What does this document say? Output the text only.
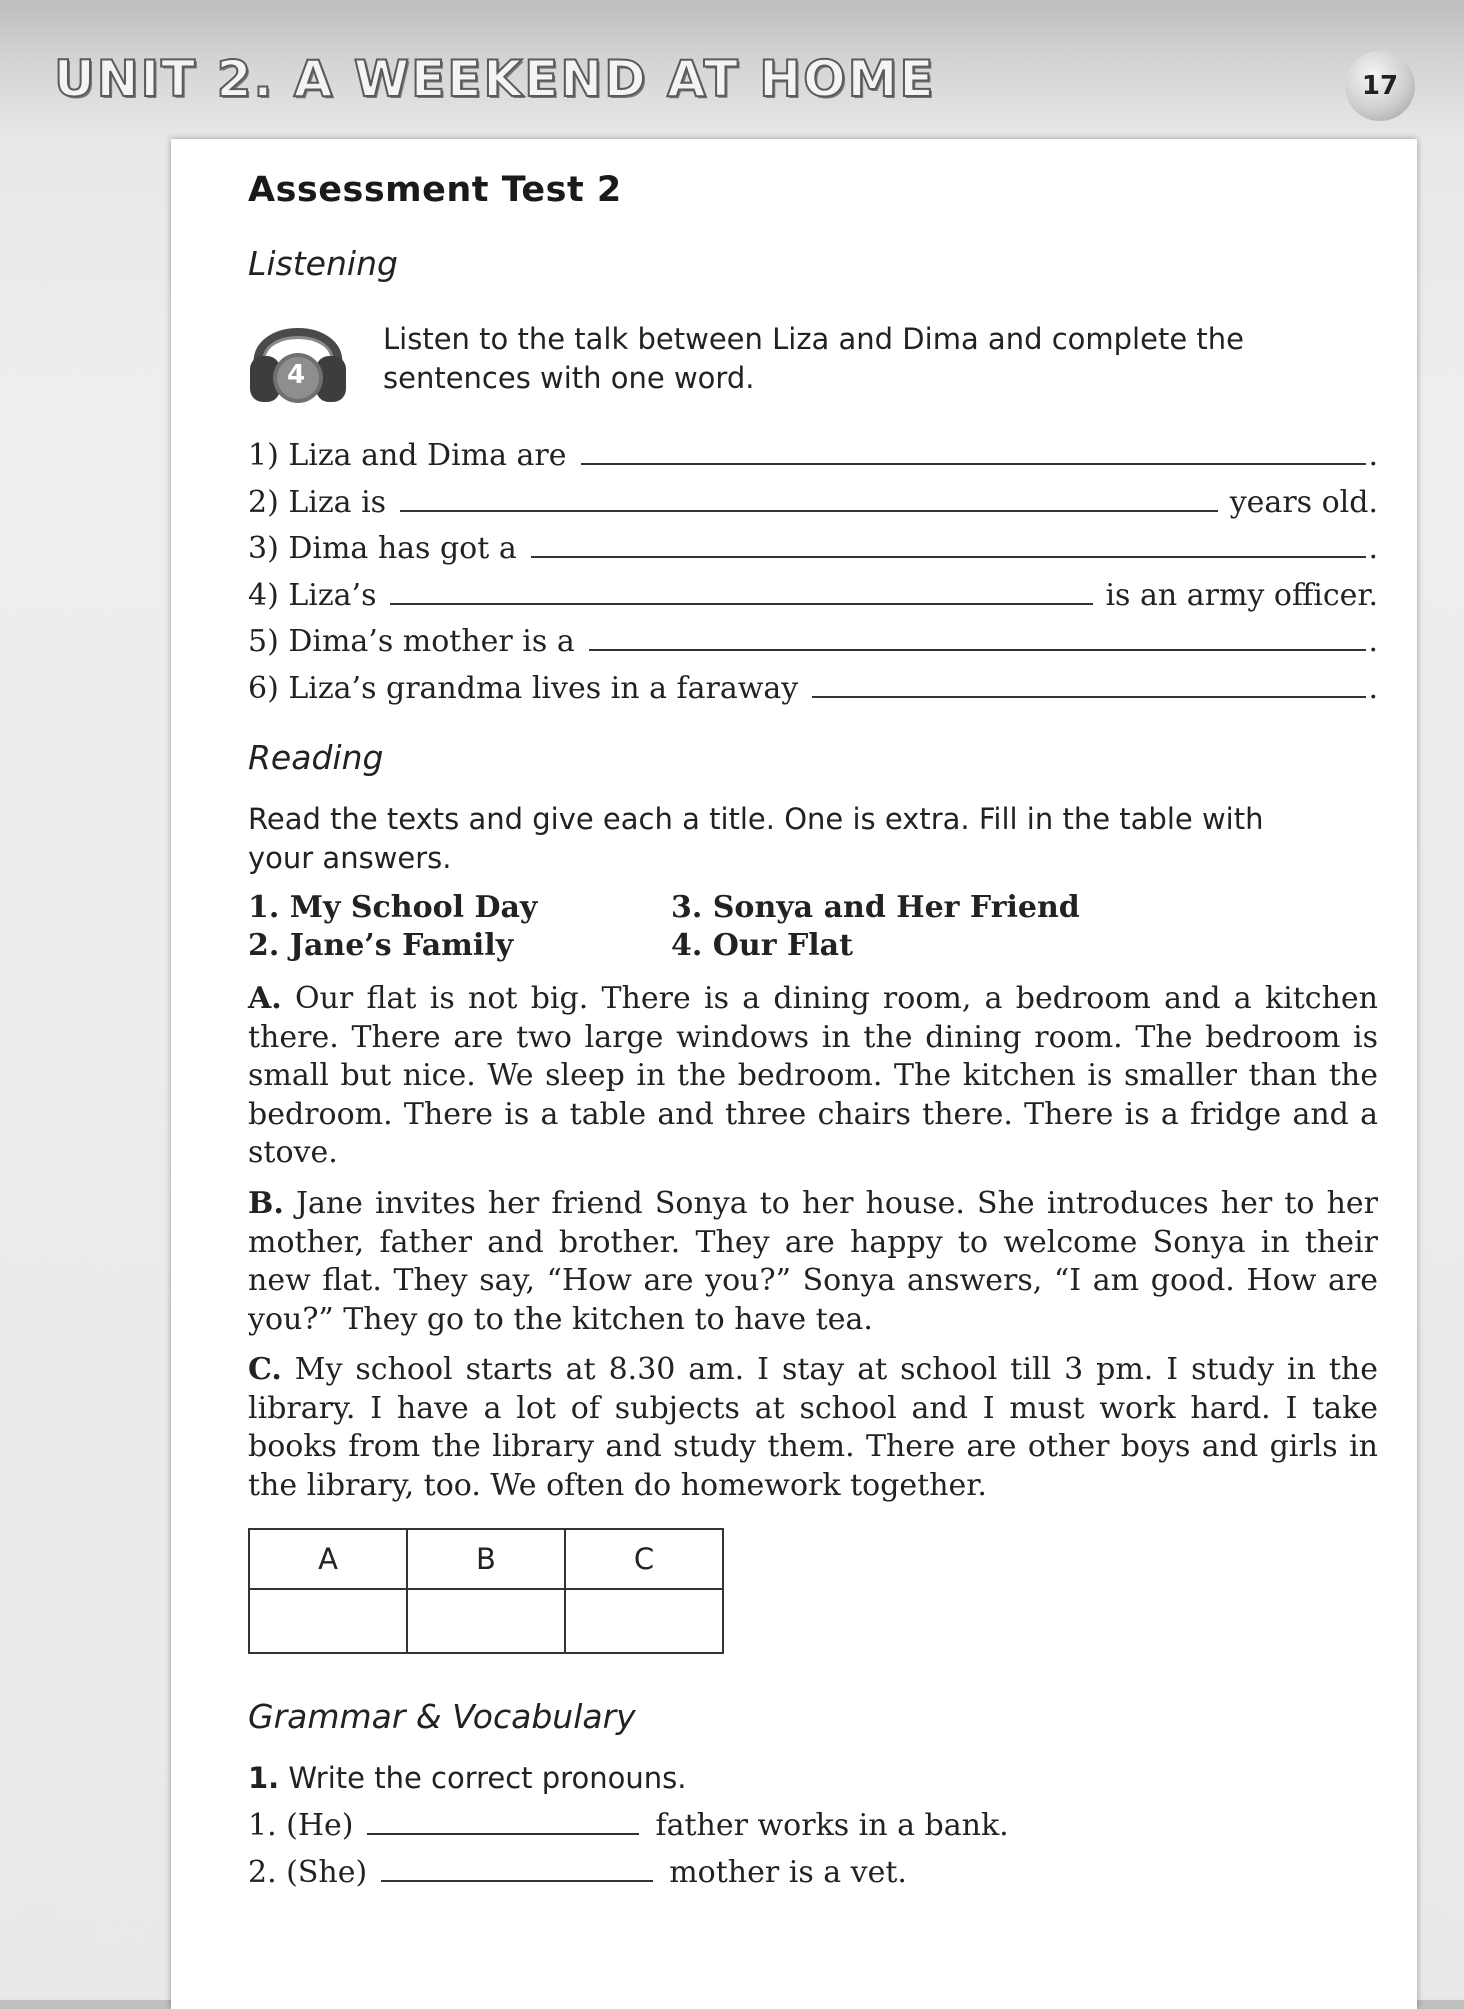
UNIT 2. A WEEKEND AT HOME	17
Assessment Test 2
Listening
4
Listen to the talk between Liza and Dima and complete the
sentences with one word.
1) Liza and Dima are	.
2) Liza is	years old.
3) Dima has got a	.
4) Liza’s	is an army officer.
5) Dima’s mother is a	.
6) Liza’s grandma lives in a faraway	.
Reading
Read the texts and give each a title. One is extra. Fill in the table with
your answers.
1. My School Day
2. Jane’s Family
3. Sonya and Her Friend
4. Our Flat
A. Our flat is not big. There is a dining room, a bedroom and a kitchen there. There are two large windows in the dining room. The bedroom is small but nice. We sleep in the bedroom. The kitchen is smaller than the bedroom. There is a table and three chairs there. There is a fridge and a stove.
B. Jane invites her friend Sonya to her house. She introduces her to her mother, father and brother. They are happy to welcome Sonya in their new flat. They say, “How are you?” Sonya answers, “I am good. How are you?” They go to the kitchen to have tea.
C. My school starts at 8.30 am. I stay at school till 3 pm. I study in the library. I have a lot of subjects at school and I must work hard. I take books from the library and study them. There are other boys and girls in the library, too. We often do homework together.
A	B	C

Grammar & Vocabulary
1. Write the correct pronouns.
1. (He)	father works in a bank.
2. (She)	mother is a vet.
